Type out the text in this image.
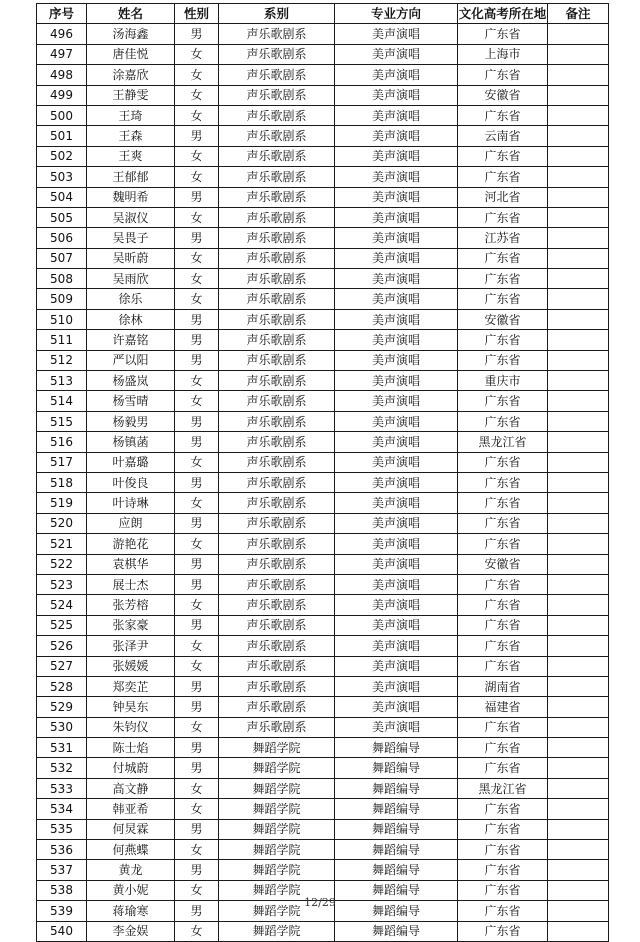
序号	姓名	性别	系别	专业方向	文化高考所在地	备注
496	汤海鑫	男	声乐歌剧系	美声演唱	广东省	
497	唐佳悦	女	声乐歌剧系	美声演唱	上海市	
498	涂嘉欣	女	声乐歌剧系	美声演唱	广东省	
499	王静雯	女	声乐歌剧系	美声演唱	安徽省	
500	王琦	女	声乐歌剧系	美声演唱	广东省	
501	王森	男	声乐歌剧系	美声演唱	云南省	
502	王爽	女	声乐歌剧系	美声演唱	广东省	
503	王郁郁	女	声乐歌剧系	美声演唱	广东省	
504	魏明希	男	声乐歌剧系	美声演唱	河北省	
505	吴淑仪	女	声乐歌剧系	美声演唱	广东省	
506	吴畏子	男	声乐歌剧系	美声演唱	江苏省	
507	吴昕蔚	女	声乐歌剧系	美声演唱	广东省	
508	吴雨欣	女	声乐歌剧系	美声演唱	广东省	
509	徐乐	女	声乐歌剧系	美声演唱	广东省	
510	徐林	男	声乐歌剧系	美声演唱	安徽省	
511	许嘉铭	男	声乐歌剧系	美声演唱	广东省	
512	严以阳	男	声乐歌剧系	美声演唱	广东省	
513	杨盛岚	女	声乐歌剧系	美声演唱	重庆市	
514	杨雪晴	女	声乐歌剧系	美声演唱	广东省	
515	杨毅男	男	声乐歌剧系	美声演唱	广东省	
516	杨镇菡	男	声乐歌剧系	美声演唱	黑龙江省	
517	叶嘉璐	女	声乐歌剧系	美声演唱	广东省	
518	叶俊良	男	声乐歌剧系	美声演唱	广东省	
519	叶诗琳	女	声乐歌剧系	美声演唱	广东省	
520	应朗	男	声乐歌剧系	美声演唱	广东省	
521	游艳花	女	声乐歌剧系	美声演唱	广东省	
522	袁棋华	男	声乐歌剧系	美声演唱	安徽省	
523	展士杰	男	声乐歌剧系	美声演唱	广东省	
524	张芳榕	女	声乐歌剧系	美声演唱	广东省	
525	张家豪	男	声乐歌剧系	美声演唱	广东省	
526	张泽尹	女	声乐歌剧系	美声演唱	广东省	
527	张媛媛	女	声乐歌剧系	美声演唱	广东省	
528	郑奕芷	男	声乐歌剧系	美声演唱	湖南省	
529	钟昊东	男	声乐歌剧系	美声演唱	福建省	
530	朱钧仪	女	声乐歌剧系	美声演唱	广东省	
531	陈士焰	男	舞蹈学院	舞蹈编导	广东省	
532	付城蔚	男	舞蹈学院	舞蹈编导	广东省	
533	高文静	女	舞蹈学院	舞蹈编导	黑龙江省	
534	韩亚希	女	舞蹈学院	舞蹈编导	广东省	
535	何炅霖	男	舞蹈学院	舞蹈编导	广东省	
536	何燕蝶	女	舞蹈学院	舞蹈编导	广东省	
537	黄龙	男	舞蹈学院	舞蹈编导	广东省	
538	黄小妮	女	舞蹈学院	舞蹈编导	广东省	
539	蒋瑜寒	男	舞蹈学院	舞蹈编导	广东省	
540	李金娱	女	舞蹈学院	舞蹈编导	广东省	
12/29
